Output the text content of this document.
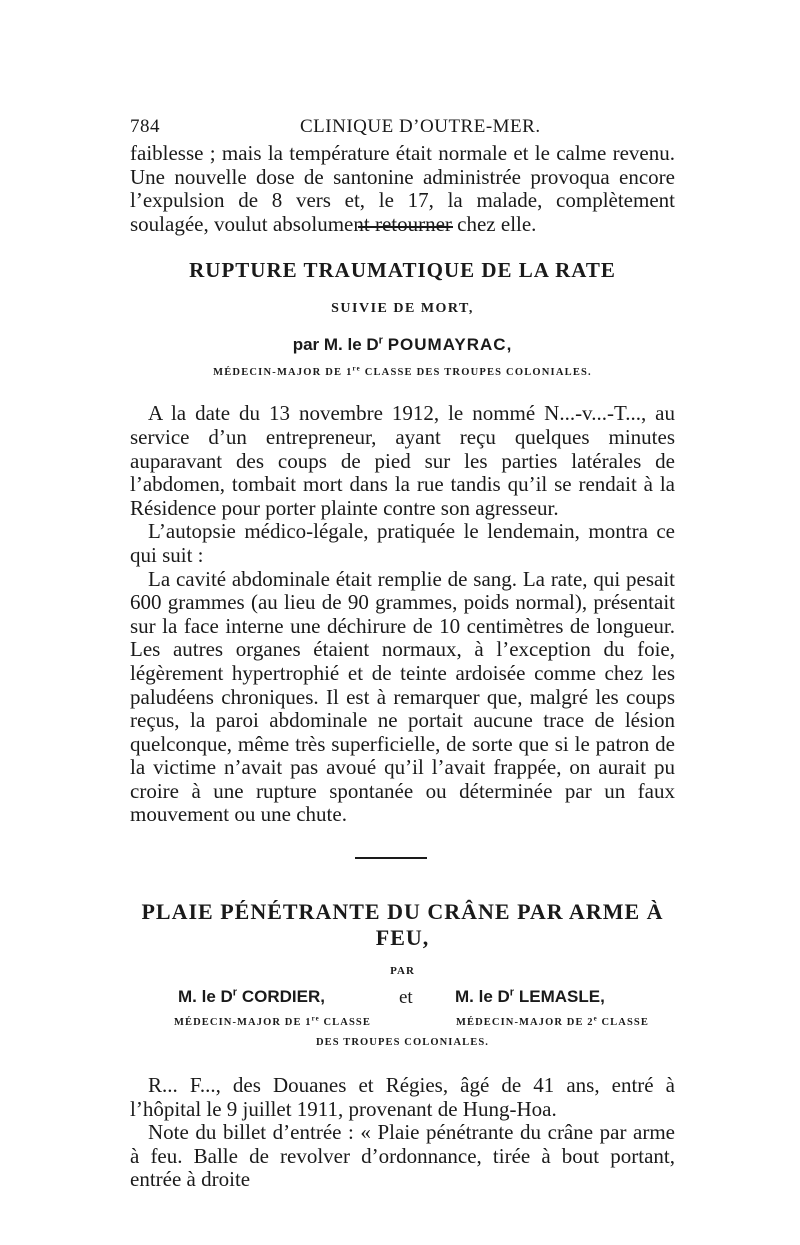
784	CLINIQUE D’OUTRE-MER.

faiblesse ; mais la température était normale et le calme revenu. Une nouvelle dose de santonine administrée provoqua encore l’expulsion de 8 vers et, le 17, la malade, complètement soulagée, voulut absolument retourner chez elle.

RUPTURE TRAUMATIQUE DE LA RATE
SUIVIE DE MORT,
par M. le $D^r$ POUMAYRAC,
MÉDECIN-MAJOR DE 1re CLASSE DES TROUPES COLONIALES.

A la date du 13 novembre 1912, le nommé N...-v...-T..., au service d’un entrepreneur, ayant reçu quelques minutes auparavant des coups de pied sur les parties latérales de l’abdomen, tombait mort dans la rue tandis qu’il se rendait à la Résidence pour porter plainte contre son agresseur.

L’autopsie médico-légale, pratiquée le lendemain, montra ce qui suit :

La cavité abdominale était remplie de sang. La rate, qui pesait 600 grammes (au lieu de 90 grammes, poids normal), présentait sur la face interne une déchirure de 10 centimètres de longueur. Les autres organes étaient normaux, à l’exception du foie, légèrement hypertrophié et de teinte ardoisée comme chez les paludéens chroniques. Il est à remarquer que, malgré les coups reçus, la paroi abdominale ne portait aucune trace de lésion quelconque, même très superficielle, de sorte que si le patron de la victime n’avait pas avoué qu’il l’avait frappée, on aurait pu croire à une rupture spontanée ou déterminée par un faux mouvement ou une chute.

PLAIE PÉNÉTRANTE DU CRÂNE PAR ARME À FEU,
PAR
M. le $D^r$ CORDIER,	et M. le $D^r$ LEMASLE,
MÉDECIN-MAJOR DE 1re CLASSE	MÉDECIN-MAJOR DE 2e CLASSE
DES TROUPES COLONIALES.

R... F..., des Douanes et Régies, âgé de 41 ans, entré à l’hôpital le 9 juillet 1911, provenant de Hung-Hoa.

Note du billet d’entrée : « Plaie pénétrante du crâne par arme à feu. Balle de revolver d’ordonnance, tirée à bout portant, entrée à droite
